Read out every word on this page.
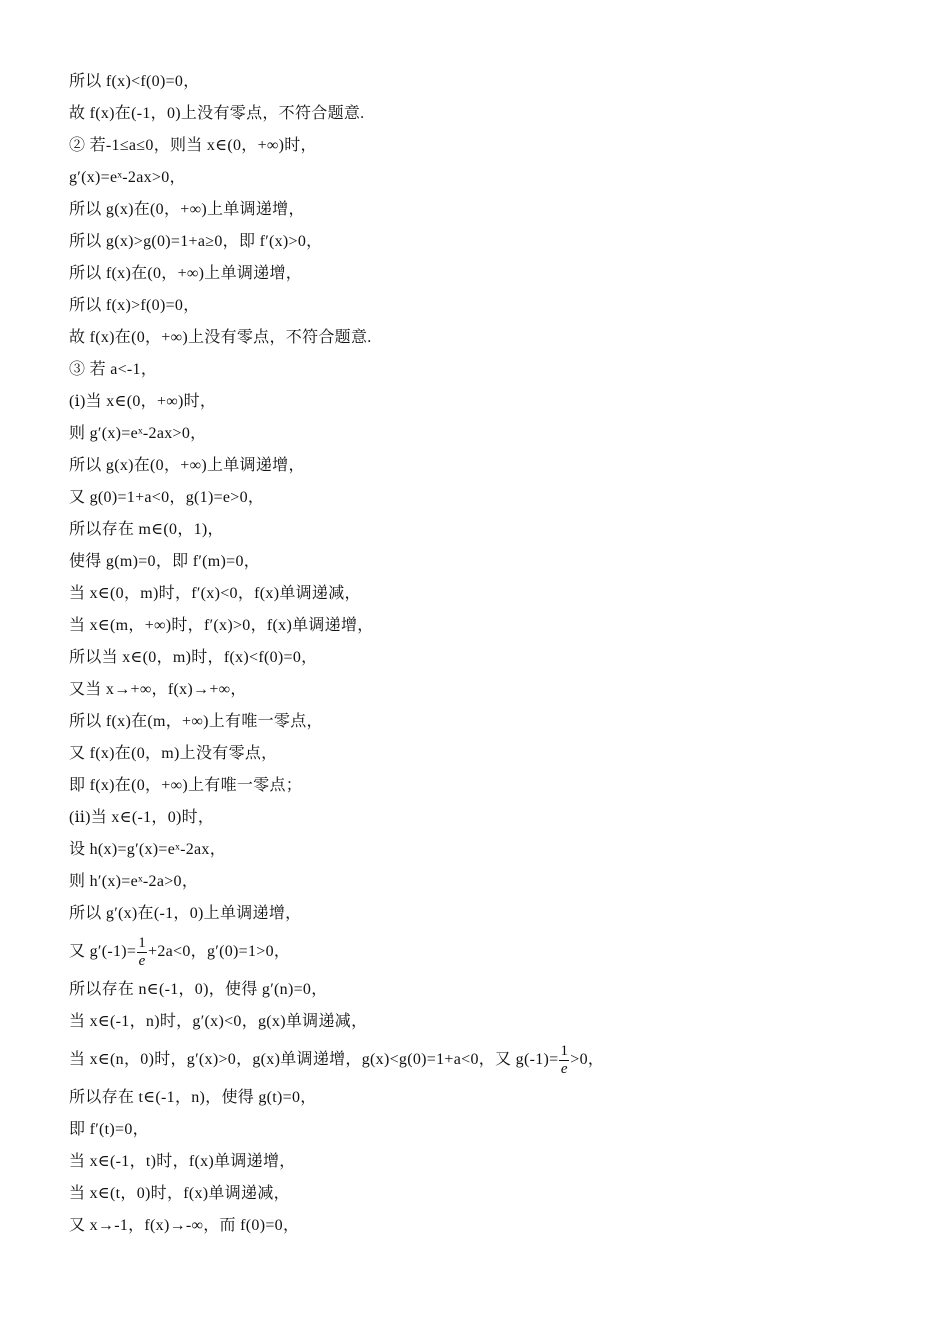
所以 f(x)<f(0)=0，
故 f(x)在(-1，0)上没有零点，不符合题意.
② 若-1≤a≤0，则当 x∈(0，+∞)时，
g′(x)=eˣ-2ax>0，
所以 g(x)在(0，+∞)上单调递增，
所以 g(x)>g(0)=1+a≥0，即 f′(x)>0，
所以 f(x)在(0，+∞)上单调递增，
所以 f(x)>f(0)=0，
故 f(x)在(0，+∞)上没有零点，不符合题意.
③ 若 a<-1，
(ⅰ)当 x∈(0，+∞)时，
则 g′(x)=eˣ-2ax>0，
所以 g(x)在(0，+∞)上单调递增，
又 g(0)=1+a<0，g(1)=e>0，
所以存在 m∈(0，1)，
使得 g(m)=0，即 f′(m)=0，
当 x∈(0，m)时，f′(x)<0，f(x)单调递减，
当 x∈(m，+∞)时，f′(x)>0，f(x)单调递增，
所以当 x∈(0，m)时，f(x)<f(0)=0，
又当 x→+∞，f(x)→+∞，
所以 f(x)在(m，+∞)上有唯一零点，
又 f(x)在(0，m)上没有零点，
即 f(x)在(0，+∞)上有唯一零点；
(ⅱ)当 x∈(-1，0)时，
设 h(x)=g′(x)=eˣ-2ax，
则 h′(x)=eˣ-2a>0，
所以 g′(x)在(-1，0)上单调递增，
又 $g'(-1)= \frac{1}{e} +2a<0$，g′(0)=1>0，
所以存在 n∈(-1，0)，使得 g′(n)=0，
当 x∈(-1，n)时，g′(x)<0，g(x)单调递减，
当 x∈(n，0)时，g′(x)>0，g(x)单调递增，g(x)<g(0)=1+a<0，又 $g(-1)= \frac{1}{e} >0$，
所以存在 t∈(-1，n)，使得 g(t)=0，
即 f′(t)=0，
当 x∈(-1，t)时，f(x)单调递增，
当 x∈(t，0)时，f(x)单调递减，
又 x→-1，f(x)→-∞，而 f(0)=0，
